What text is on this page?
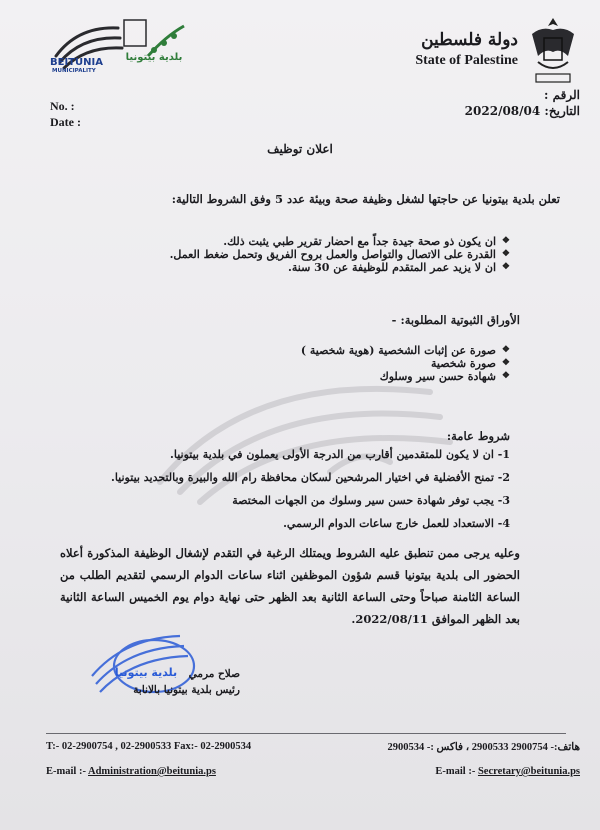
BEITUNIA
MUNICIPALITY
بلدية بيتونيا
دولة فلسطين
State of Palestine
الرقم :
التاريخ: 2022/08/04
No. :
Date :
اعلان توظيف
تعلن بلدية بيتونيا عن حاجتها لشغل وظيفة صحة وبيئة عدد 5 وفق الشروط التالية:
❖ ان يكون ذو صحة جيدة جداً مع احضار تقرير طبي يثبت ذلك.
❖ القدرة على الاتصال والتواصل والعمل بروح الفريق وتحمل ضغط العمل.
❖ ان لا يزيد عمر المتقدم للوظيفة عن 30 سنة.
الأوراق الثبوتية المطلوبة: -
❖ صورة عن إثبات الشخصية (هوية شخصية )
❖ صورة شخصية
❖ شهادة حسن سير وسلوك
شروط عامة:
1- ان لا يكون للمتقدمين أقارب من الدرجة الأولى يعملون في بلدية بيتونيا.
2- تمنح الأفضلية في اختيار المرشحين لسكان محافظة رام الله والبيرة وبالتحديد بيتونيا.
3- يجب توفر شهادة حسن سير وسلوك من الجهات المختصة
4- الاستعداد للعمل خارج ساعات الدوام الرسمي.
وعليه يرجى ممن تنطبق عليه الشروط ويمتلك الرغبة في التقدم لإشغال الوظيفة المذكورة أعلاه الحضور الى بلدية بيتونيا قسم شؤون الموظفين اثناء ساعات الدوام الرسمي لتقديم الطلب من الساعة الثامنة صباحاً وحتى الساعة الثانية بعد الظهر حتى نهاية دوام يوم الخميس الساعة الثانية بعد الظهر الموافق 2022/08/11.
بلدية بيتونيا	صلاح مرمي
رئيس بلدية بيتونيا بالانابة
T:- 02-2900754 , 02-2900533 Fax:- 02-2900534
E-mail :- Administration@beitunia.ps
هاتف:- 2900754 2900533 ، فاكس :- 2900534
E-mail :- Secretary@beitunia.ps
